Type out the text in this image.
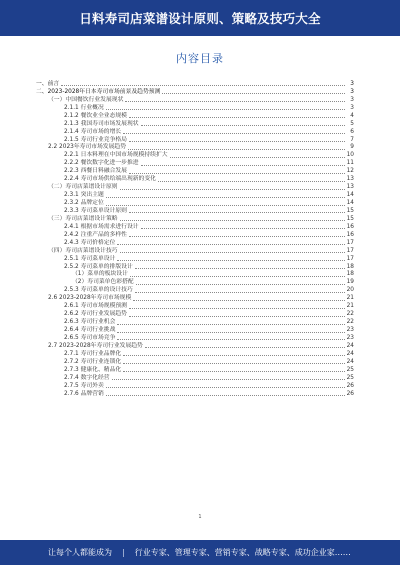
日料寿司店菜谱设计原则、策略及技巧大全
内容目录
一、前言	3
二、2023-2028年日本寿司市场前景及趋势预测	3
（一）中国餐饮行业发展现状	3
2.1.1 行业概况	3
2.1.2 餐饮业全业态规模	4
2.1.3 我国寿司市场发展现状	5
2.1.4 寿司市场的增长	6
2.1.5 寿司行业竞争格局	7
2.2 2023年寿司市场发展趋势	9
2.2.1 日本料理在中国市场规模持续扩大	10
2.2.2 餐饮数字化进一步推进	11
2.2.3 西餐日料融合发展	12
2.2.4 寿司市场供给端出现新的变化	13
（二）寿司店菜谱设计原则	13
2.3.1 突出主题	14
2.3.2 品牌定位	14
2.3.3 寿司菜单设计原则	15
（三）寿司店菜谱设计策略	15
2.4.1 根据市场需求进行设计	16
2.4.2 注重产品的多样性	16
2.4.3 寿司价格定位	17
（四）寿司店菜谱设计技巧	17
2.5.1 寿司菜单设计	17
2.5.2 寿司菜单的排版设计	18
（1）菜单的板块设计	18
（2）寿司菜单色彩搭配	19
2.5.3 寿司菜单的设计技巧	20
2.6 2023-2028年寿司市场规模	21
2.6.1 寿司市场规模预测	21
2.6.2 寿司行业发展趋势	22
2.6.3 寿司行业机会	22
2.6.4 寿司行业挑战	23
2.6.5 寿司市场竞争	23
2.7 2023-2028年寿司行业发展趋势	24
2.7.1 寿司行业品牌化	24
2.7.2 寿司行业连锁化	24
2.7.3 健康化、精品化	25
2.7.4 数字化经营	25
2.7.5 寿司外卖	26
2.7.6 品牌营销	26
1
让每个人都能成为 | 行业专家、管理专家、营销专家、战略专家、成功企业家……
